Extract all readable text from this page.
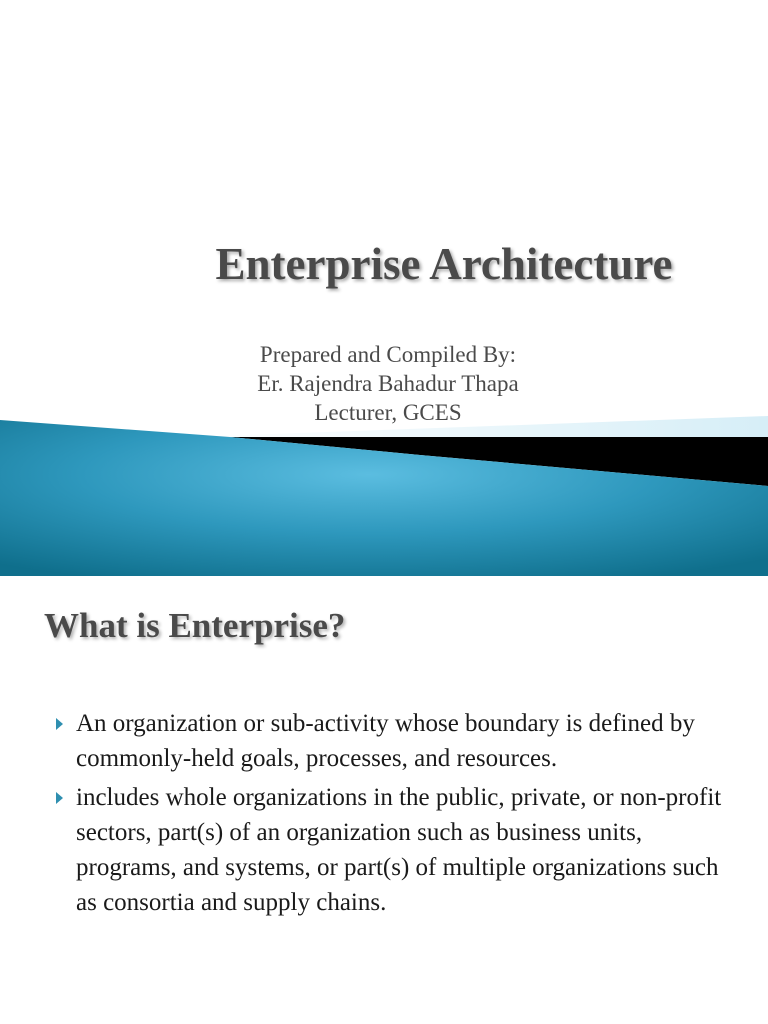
Enterprise Architecture
Prepared and Compiled By:
Er. Rajendra Bahadur Thapa
Lecturer, GCES
What is Enterprise?
An organization or sub-activity whose boundary is defined by commonly-held goals, processes, and resources.
includes whole organizations in the public, private, or non-profit sectors, part(s) of an organization such as business units, programs, and systems, or part(s) of multiple organizations such as consortia and supply chains.
